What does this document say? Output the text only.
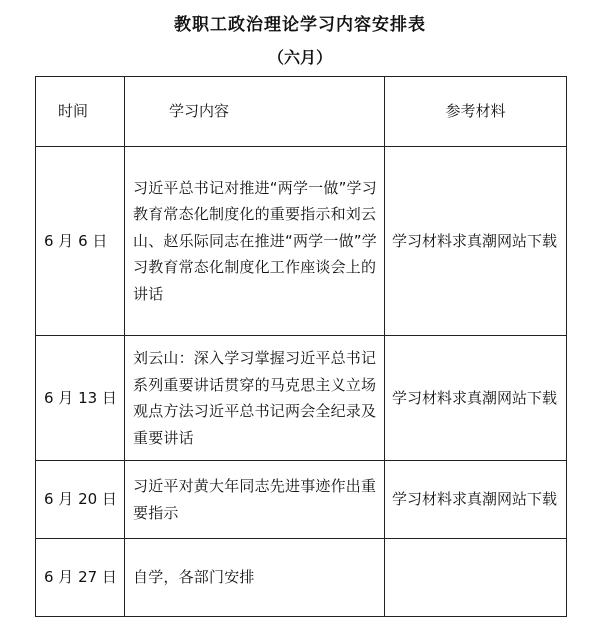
教职工政治理论学习内容安排表
（六月）
时间	学习内容	参考材料
6 月 6 日	习近平总书记对推进“两学一做”学习教育常态化制度化的重要指示和刘云山、赵乐际同志在推进“两学一做”学习教育常态化制度化工作座谈会上的讲话	学习材料求真潮网站下载
6 月 13 日	刘云山：深入学习掌握习近平总书记系列重要讲话贯穿的马克思主义立场观点方法习近平总书记两会全纪录及重要讲话	学习材料求真潮网站下载
6 月 20 日	习近平对黄大年同志先进事迹作出重要指示	学习材料求真潮网站下载
6 月 27 日	自学，各部门安排	
